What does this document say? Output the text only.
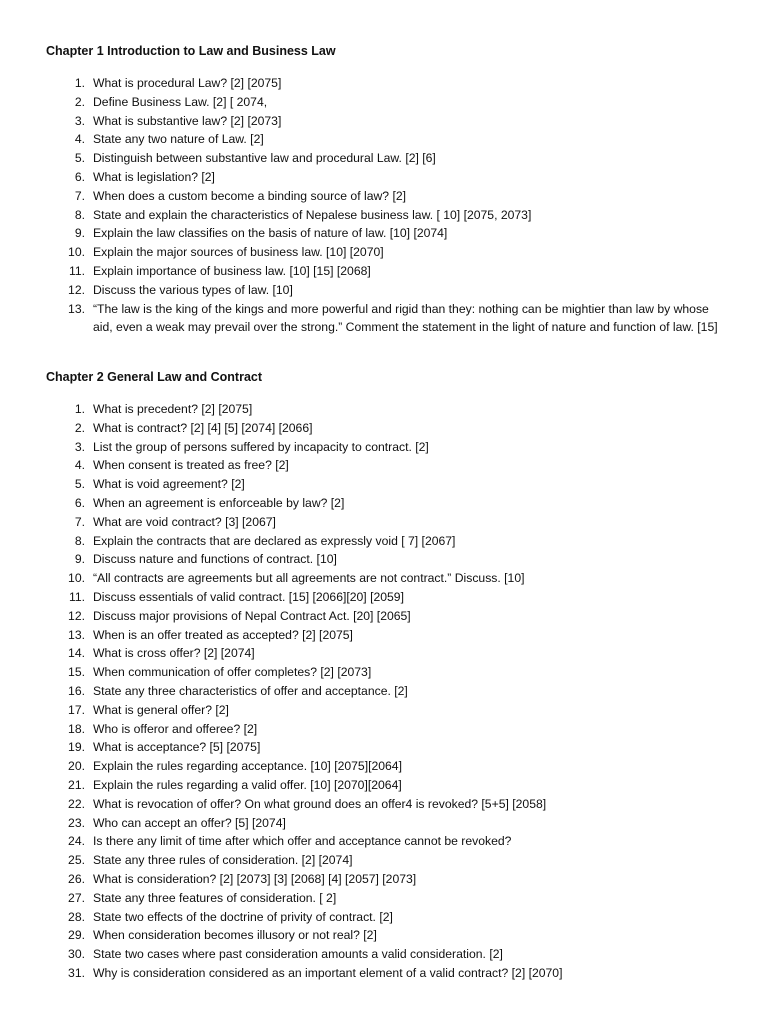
Chapter 1 Introduction to Law and Business Law
1. What is procedural Law? [2] [2075]
2. Define Business Law. [2] [ 2074,
3. What is substantive law? [2] [2073]
4. State any two nature of Law. [2]
5. Distinguish between substantive law and procedural Law. [2] [6]
6. What is legislation? [2]
7. When does a custom become a binding source of law? [2]
8. State and explain the characteristics of Nepalese business law. [ 10] [2075, 2073]
9. Explain the law classifies on the basis of nature of law. [10] [2074]
10. Explain the major sources of business law. [10] [2070]
11. Explain importance of business law. [10] [15] [2068]
12. Discuss the various types of law. [10]
13. “The law is the king of the kings and more powerful and rigid than they: nothing can be mightier than law by whose aid, even a weak may prevail over the strong.” Comment the statement in the light of nature and function of law. [15]
Chapter 2 General Law and Contract
1. What is precedent? [2] [2075]
2. What is contract? [2] [4] [5] [2074] [2066]
3. List the group of persons suffered by incapacity to contract. [2]
4. When consent is treated as free? [2]
5. What is void agreement? [2]
6. When an agreement is enforceable by law? [2]
7. What are void contract? [3] [2067]
8. Explain the contracts that are declared as expressly void [ 7] [2067]
9. Discuss nature and functions of contract. [10]
10. “All contracts are agreements but all agreements are not contract.” Discuss. [10]
11. Discuss essentials of valid contract. [15] [2066][20] [2059]
12. Discuss major provisions of Nepal Contract Act. [20] [2065]
13. When is an offer treated as accepted? [2] [2075]
14. What is cross offer? [2] [2074]
15. When communication of offer completes? [2] [2073]
16. State any three characteristics of offer and acceptance. [2]
17. What is general offer? [2]
18. Who is offeror and offeree? [2]
19. What is acceptance? [5] [2075]
20. Explain the rules regarding acceptance. [10] [2075][2064]
21. Explain the rules regarding a valid offer. [10] [2070][2064]
22. What is revocation of offer? On what ground does an offer4 is revoked? [5+5] [2058]
23. Who can accept an offer? [5] [2074]
24. Is there any limit of time after which offer and acceptance cannot be revoked?
25. State any three rules of consideration. [2] [2074]
26. What is consideration? [2] [2073] [3] [2068] [4] [2057] [2073]
27. State any three features of consideration. [ 2]
28. State two effects of the doctrine of privity of contract. [2]
29. When consideration becomes illusory or not real? [2]
30. State two cases where past consideration amounts a valid consideration. [2]
31. Why is consideration considered as an important element of a valid contract? [2] [2070]
